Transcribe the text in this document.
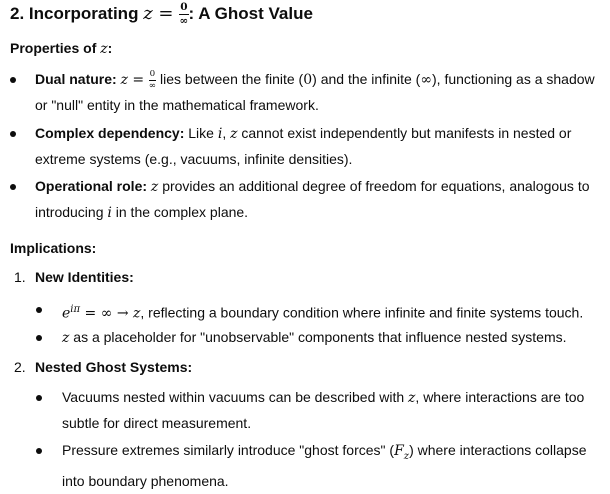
2. Incorporating $z = \frac{0}{\infty}$ : A Ghost Value
Properties of z:
Dual nature: $z = \frac{0}{\infty}$ lies between the finite (0) and the infinite (∞), functioning as a shadow
or "null" entity in the mathematical framework.
Complex dependency: Like i, z cannot exist independently but manifests in nested or
extreme systems (e.g., vacuums, infinite densities).
Operational role: z provides an additional degree of freedom for equations, analogous to
introducing i in the complex plane.
Implications:
1. New Identities:
$e^{i\pi}$ = ∞ → z, reflecting a boundary condition where infinite and finite systems touch.
z as a placeholder for "unobservable" components that influence nested systems.
2. Nested Ghost Systems:
Vacuums nested within vacuums can be described with z, where interactions are too
subtle for direct measurement.
Pressure extremes similarly introduce "ghost forces" $(F_z)$ where interactions collapse
into boundary phenomena.
